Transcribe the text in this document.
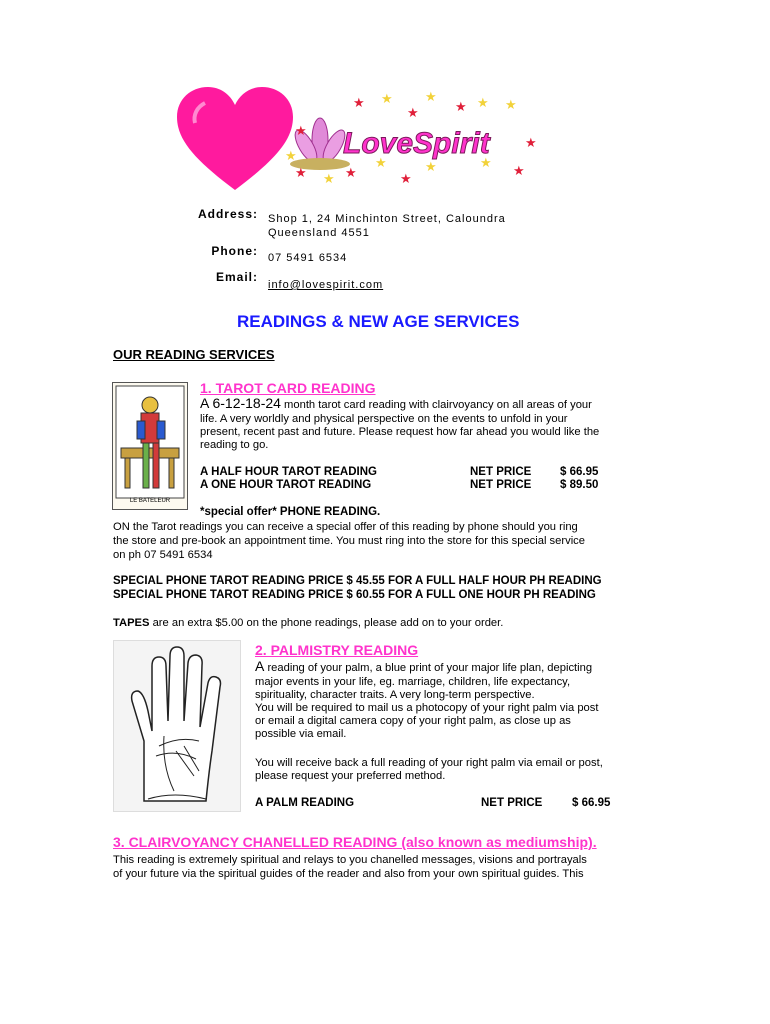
★ ★
★
★
★ ★ ★
★
★
★
★ ★ ★
★
★
★	★
★
LoveSpirit
Address: Shop 1, 24 Minchinton Street, Caloundra
Queensland 4551
Phone: 07 5491 6534
Email:
info@lovespirit.com
READINGS & NEW AGE SERVICES
OUR READING SERVICES
LE BATELEUR
1. TAROT CARD READING
A 6-12-18-24 month tarot card reading with clairvoyancy on all areas of your
life. A very worldly and physical perspective on the events to unfold in your
present, recent past and future. Please request how far ahead you would like the
reading to go.
A HALF HOUR TAROT READING	NET PRICE $ 66.95
A ONE HOUR TAROT READING	NET PRICE $ 89.50
*special offer* PHONE READING.
ON the Tarot readings you can receive a special offer of this reading by phone should you ring
the store and pre-book an appointment time. You must ring into the store for this special service
on ph 07 5491 6534
SPECIAL PHONE TAROT READING PRICE $ 45.55 FOR A FULL HALF HOUR PH READING
SPECIAL PHONE TAROT READING PRICE $ 60.55 FOR A FULL ONE HOUR PH READING
TAPES are an extra $5.00 on the phone readings, please add on to your order.
2. PALMISTRY READING
A reading of your palm, a blue print of your major life plan, depicting
major events in your life, eg. marriage, children, life expectancy,
spirituality, character traits. A very long-term perspective.
You will be required to mail us a photocopy of your right palm via post
or email a digital camera copy of your right palm, as close up as
possible via email.
You will receive back a full reading of your right palm via email or post,
please request your preferred method.
A PALM READING	NET PRICE	$ 66.95
3. CLAIRVOYANCY CHANELLED READING (also known as mediumship).
This reading is extremely spiritual and relays to you chanelled messages, visions and portrayals
of your future via the spiritual guides of the reader and also from your own spiritual guides. This
